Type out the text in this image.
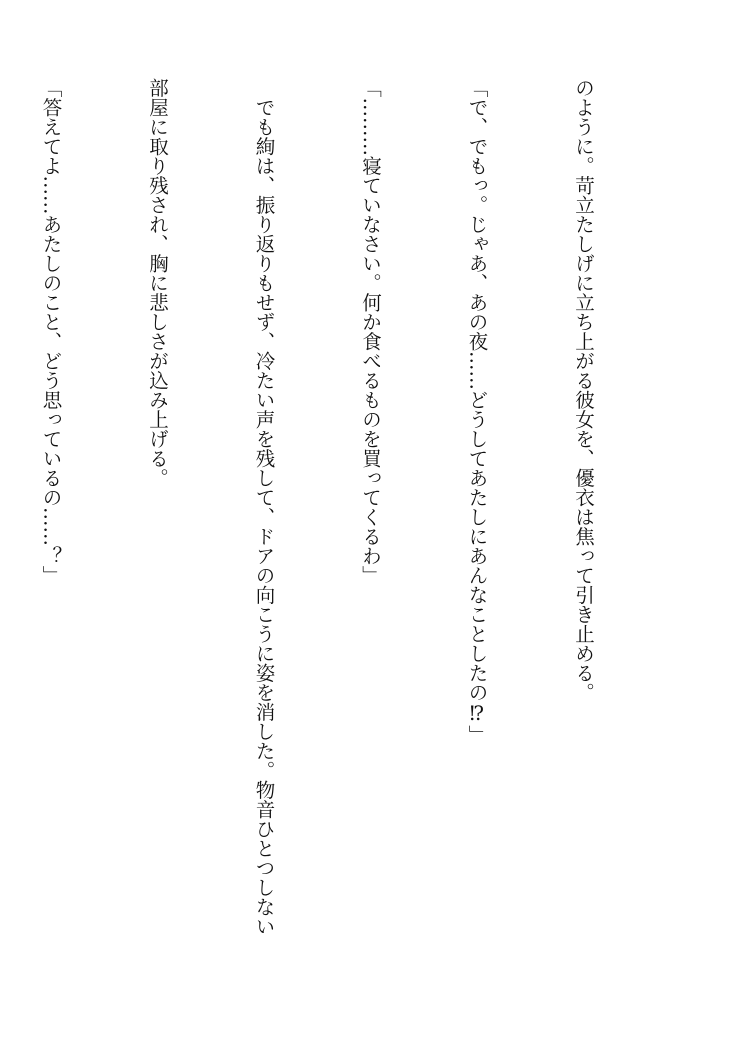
のように。苛立たしげに立ち上がる彼女を、優衣は焦って引き止める。

「で、でもっ。じゃあ、あの夜……どうしてあたしにあんなことしたの⁉」

「………寝ていなさい。何か食べるものを買ってくるわ」

　でも絢は、振り返りもせず、冷たい声を残して、ドアの向こうに姿を消した。物音ひとつしない

部屋に取り残され、胸に悲しさが込み上げる。

「答えてよ……あたしのこと、どう思っているの……？」
